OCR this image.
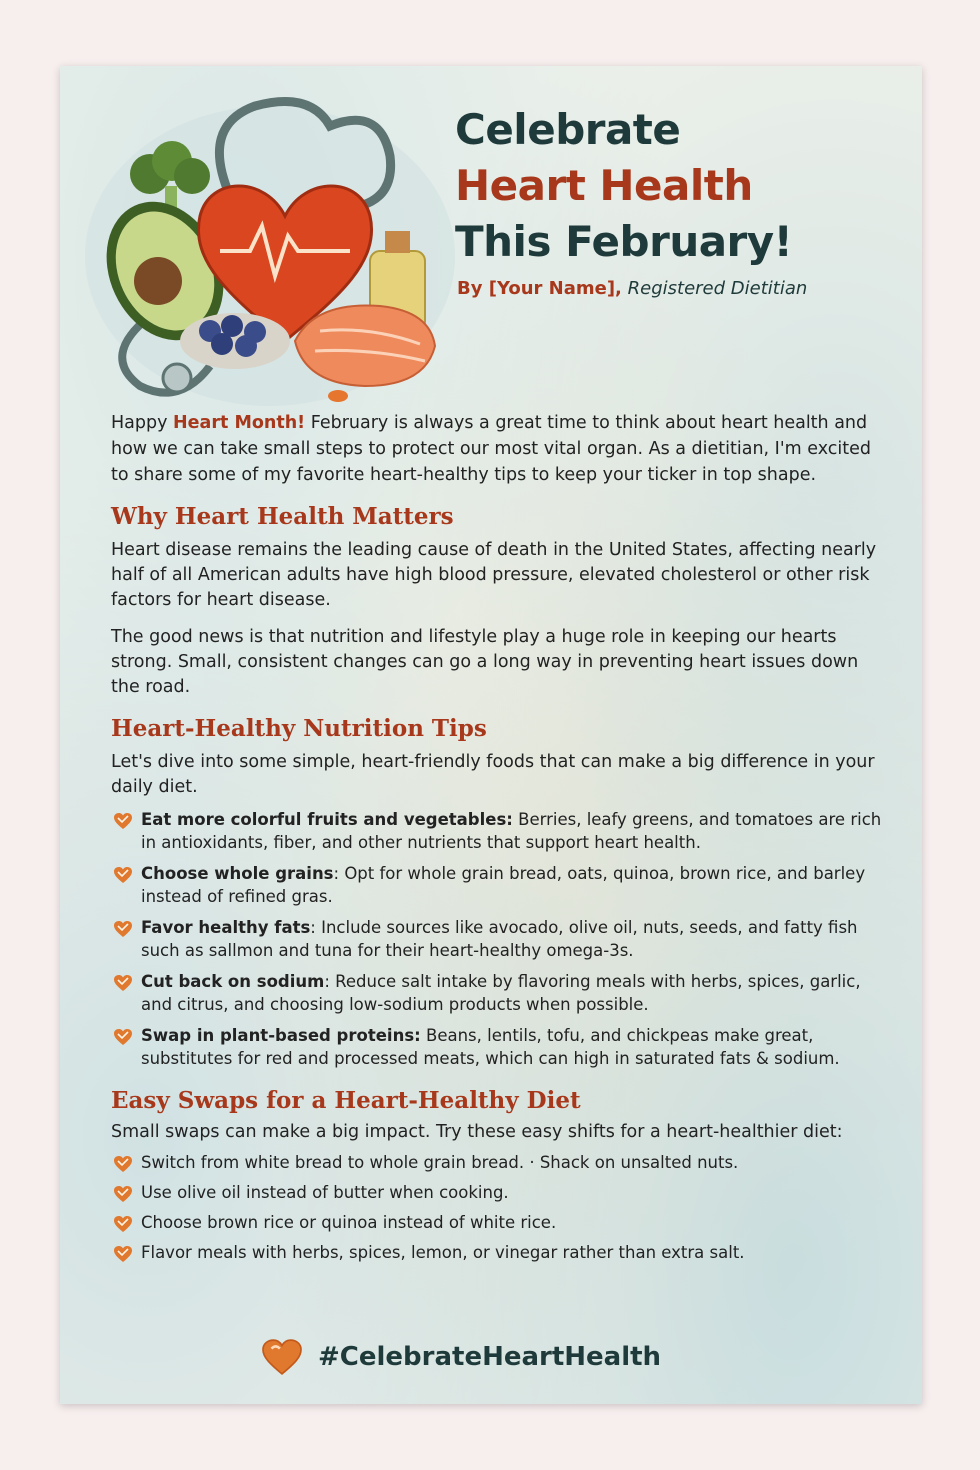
Celebrate
Heart Health
This February!
By [Your Name], Registered Dietitian

Happy Heart Month! February is always a great time to think about heart health and how we can take small steps to protect our most vital organ. As a dietitian, I'm excited to share some of my favorite heart-healthy tips to keep your ticker in top shape.

Why Heart Health Matters

Heart disease remains the leading cause of death in the United States, affecting nearly half of all American adults have high blood pressure, elevated cholesterol or other risk factors for heart disease.

The good news is that nutrition and lifestyle play a huge role in keeping our hearts strong. Small, consistent changes can go a long way in preventing heart issues down the road.

Heart-Healthy Nutrition Tips

Let's dive into some simple, heart-friendly foods that can make a big difference in your daily diet.

Eat more colorful fruits and vegetables: Berries, leafy greens, and tomatoes are rich in antioxidants, fiber, and other nutrients that support heart health.
Choose whole grains: Opt for whole grain bread, oats, quinoa, brown rice, and barley instead of refined gras.
Favor healthy fats: Include sources like avocado, olive oil, nuts, seeds, and fatty fish such as sallmon and tuna for their heart-healthy omega-3s.
Cut back on sodium: Reduce salt intake by flavoring meals with herbs, spices, garlic, and citrus, and choosing low-sodium products when possible.
Swap in plant-based proteins: Beans, lentils, tofu, and chickpeas make great, substitutes for red and processed meats, which can high in saturated fats & sodium.
Easy Swaps for a Heart-Healthy Diet

Small swaps can make a big impact. Try these easy shifts for a heart-healthier diet:

Switch from white bread to whole grain bread. · Shack on unsalted nuts.
Use olive oil instead of butter when cooking.
Choose brown rice or quinoa instead of white rice.
Flavor meals with herbs, spices, lemon, or vinegar rather than extra salt.
#CelebrateHeartHealth
